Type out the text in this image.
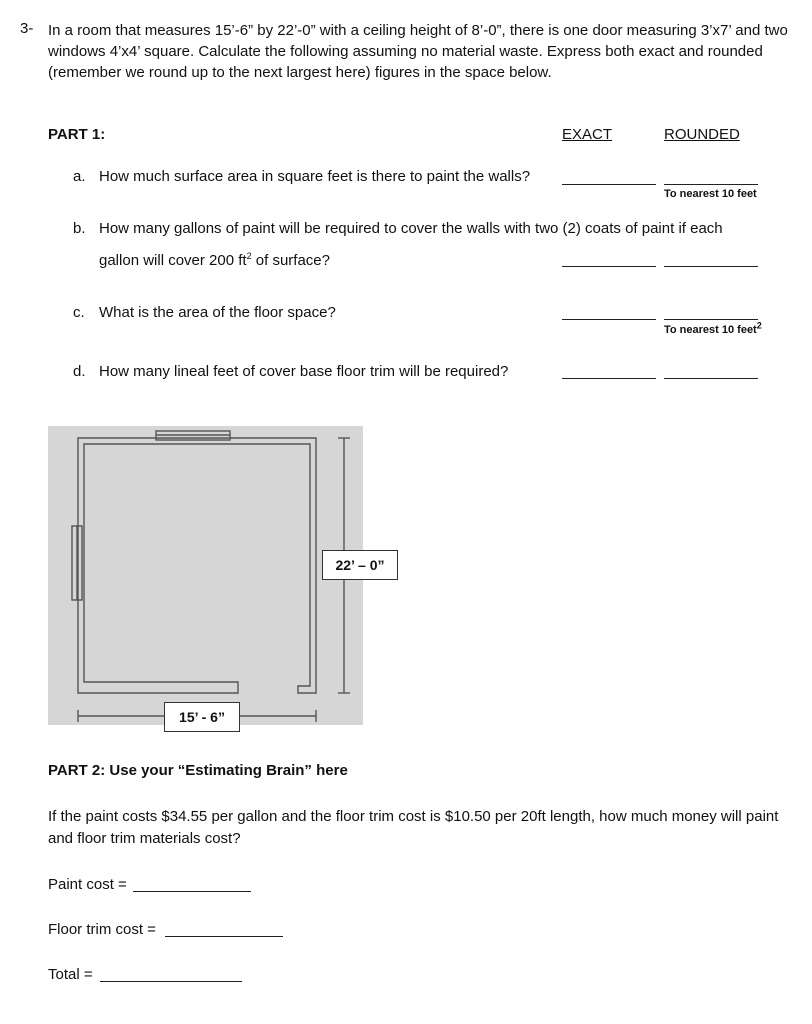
3- In a room that measures 15’-6” by 22’-0” with a ceiling height of 8’-0”, there is one door measuring 3’x7’ and two windows 4’x4’ square. Calculate the following assuming no material waste. Express both exact and rounded (remember we round up to the next largest here) figures in the space below.
PART 1:	EXACT	ROUNDED
a. How much surface area in square feet is there to paint the walls?
To nearest 10 feet
b. How many gallons of paint will be required to cover the walls with two (2) coats of paint if each
gallon will cover 200 $ft^2$ of surface?
c. What is the area of the floor space?
To nearest 10 feet$^2$
d. How many lineal feet of cover base floor trim will be required?
22’ – 0”
15’ - 6”
PART 2: Use your “Estimating Brain” here
If the paint costs $34.55 per gallon and the floor trim cost is $10.50 per 20ft length, how much money will paint and floor trim materials cost?
Paint cost =
Floor trim cost =
Total =
